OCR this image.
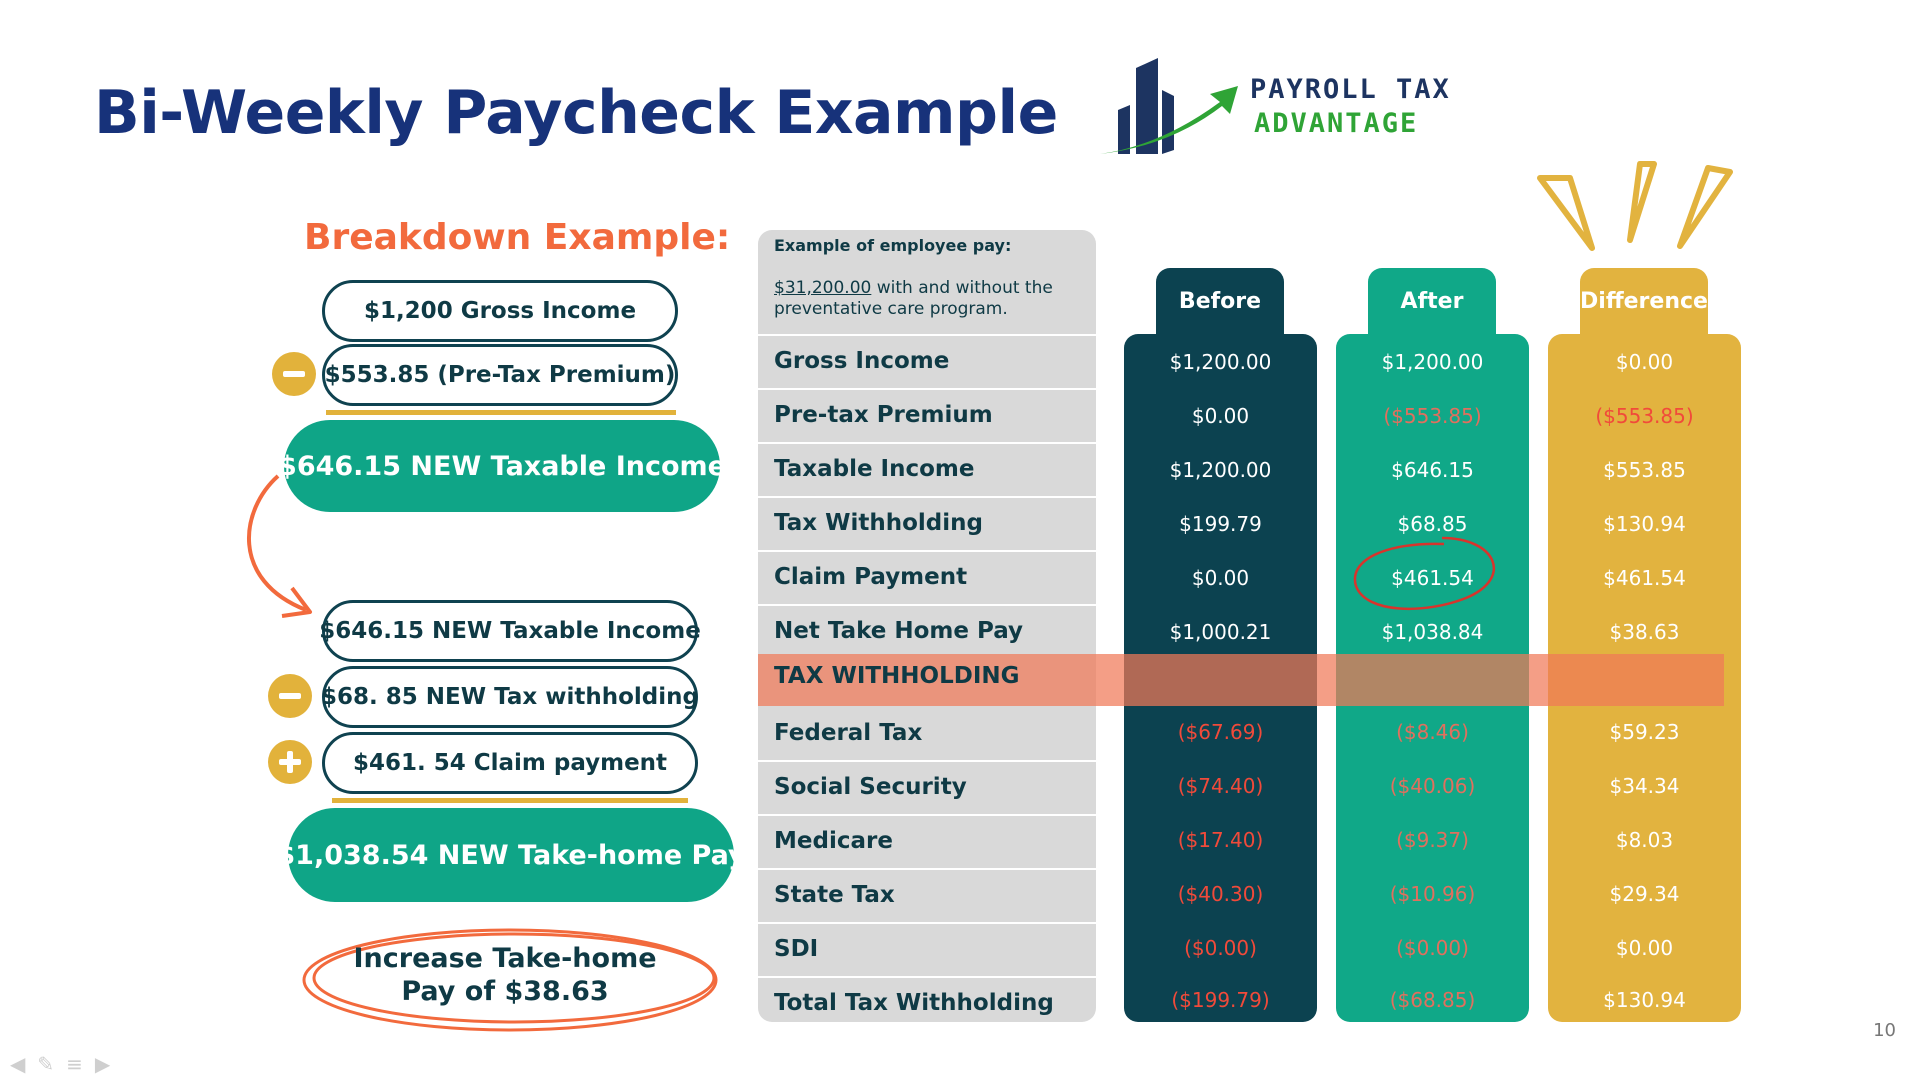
Bi-Weekly Paycheck Example	PAYROLL TAX
ADVANTAGE
Breakdown Example:
$1,200 Gross Income
$553.85 (Pre-Tax Premium)
$646.15 NEW Taxable Income
$646.15 NEW Taxable Income
$68. 85 NEW Tax withholding
$461. 54 Claim payment
$1,038.54 NEW Take-home Pay
Increase Take-home
Pay of $38.63
Example of employee pay:
$31,200.00 with and without the preventative care program.	Before	After	Difference
Gross Income	$1,200.00	$1,200.00	$0.00
Pre-tax Premium	$0.00	($553.85)	($553.85)
Taxable Income	$1,200.00	$646.15	$553.85
Tax Withholding	$199.79	$68.85	$130.94
Claim Payment	$0.00	$461.54	$461.54
Net Take Home Pay	$1,000.21	$1,038.84	$38.63
TAX WITHHOLDING
Federal Tax	($67.69)	($8.46)	$59.23
Social Security	($74.40)	($40.06)	$34.34
Medicare	($17.40)	($9.37)	$8.03
State Tax	($40.30)	($10.96)	$29.34
SDI	($0.00)	($0.00)	$0.00
Total Tax Withholding	($199.79)	($68.85)	$130.94
10
◀✎≡▶
